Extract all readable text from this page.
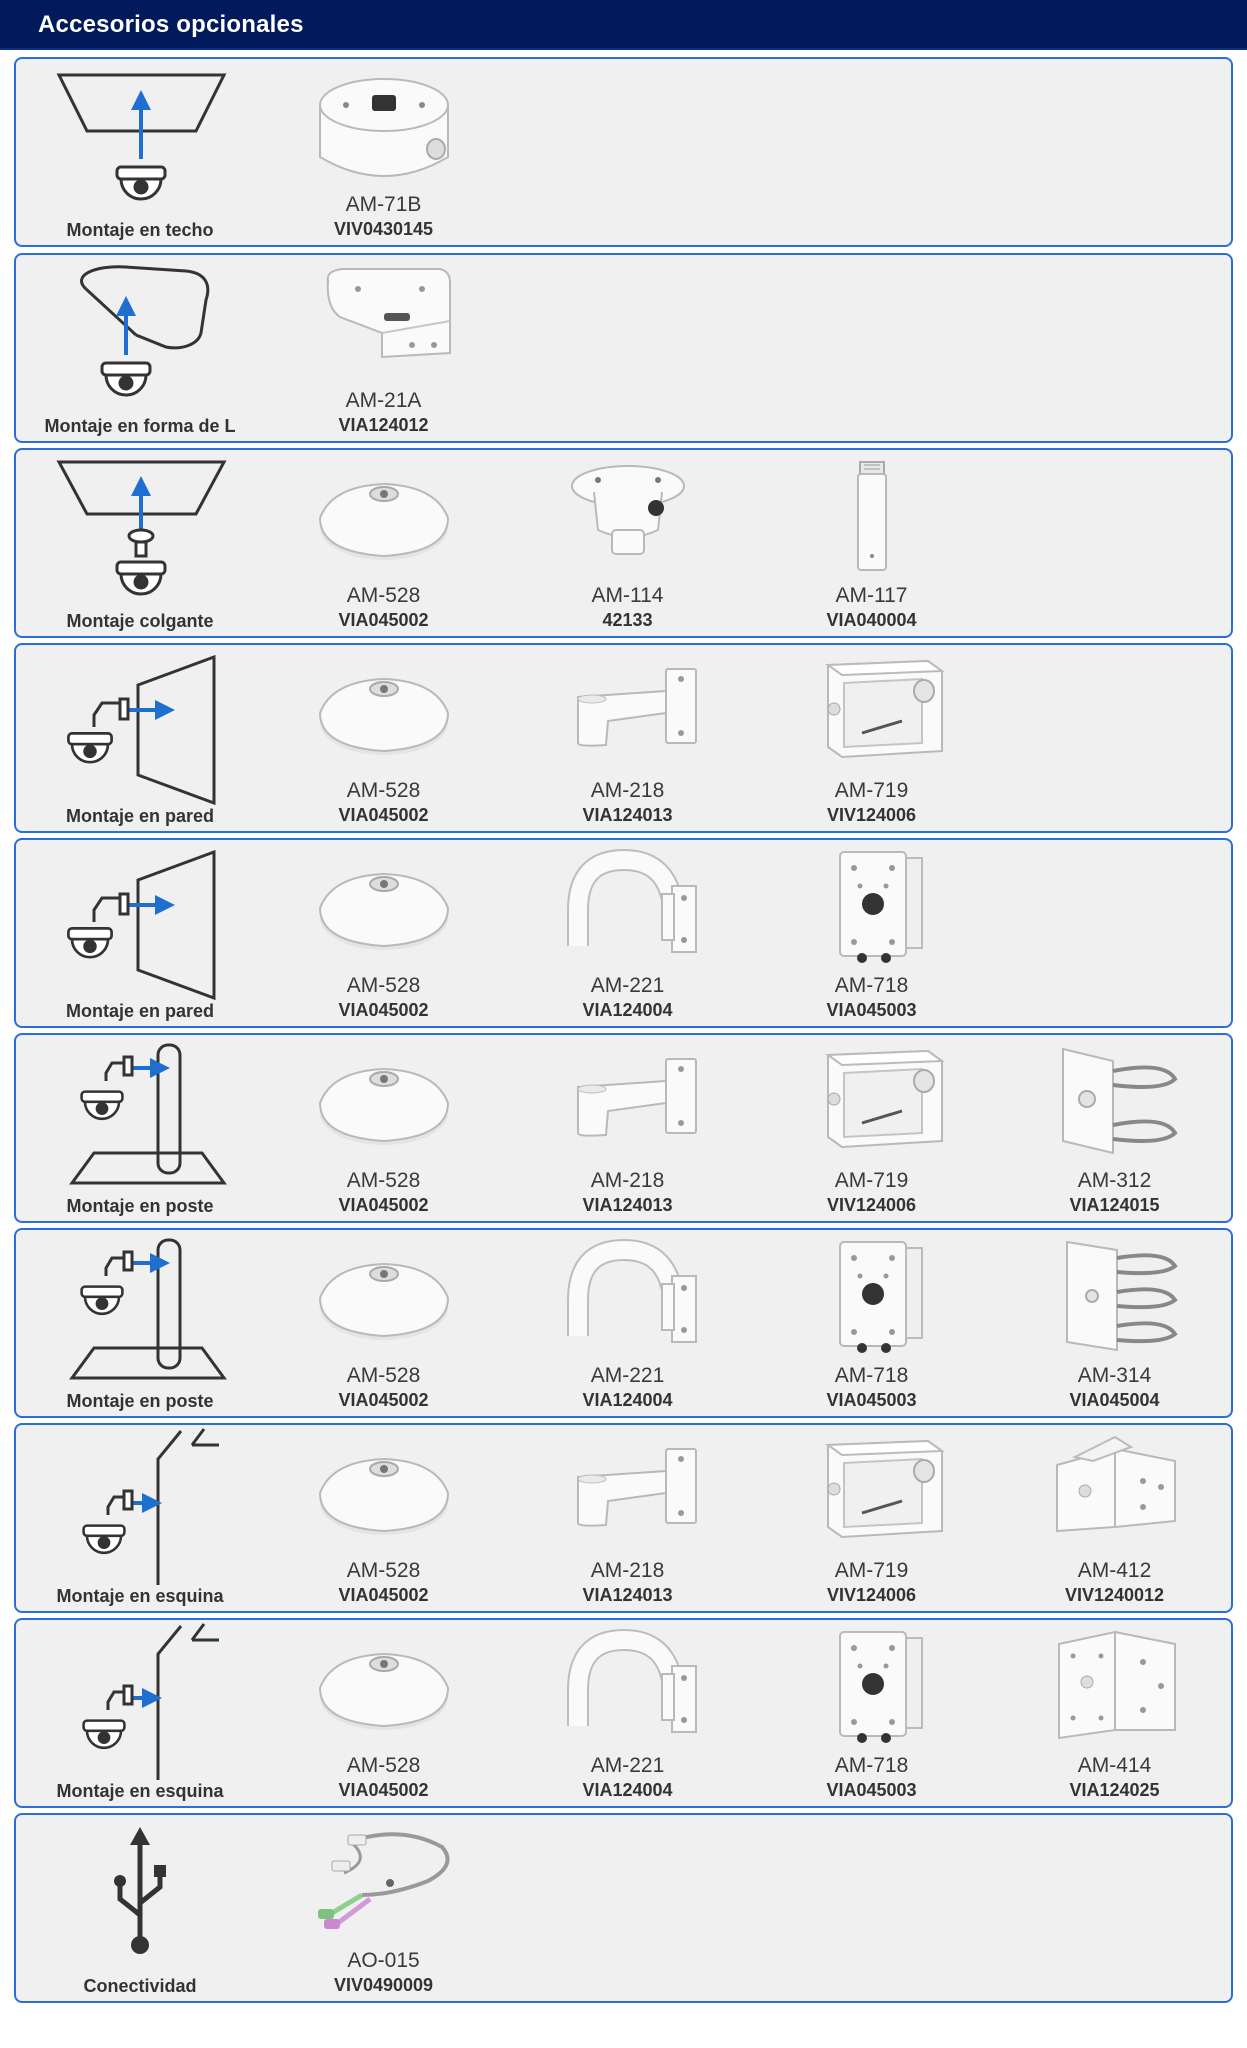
Accesorios opcionales
Montaje en techo
AM-71B
VIV0430145
Montaje en forma de L
AM-21A
VIA124012
Montaje colgante
AM-528
VIA045002
AM-114
42133
AM-117
VIA040004
Montaje en pared
AM-528
VIA045002
AM-218
VIA124013
AM-719
VIV124006
Montaje en pared
AM-528
VIA045002
AM-221
VIA124004
AM-718
VIA045003
Montaje en poste
AM-528
VIA045002
AM-218
VIA124013
AM-719
VIV124006
AM-312
VIA124015
Montaje en poste
AM-528
VIA045002
AM-221
VIA124004
AM-718
VIA045003
AM-314
VIA045004
Montaje en esquina
AM-528
VIA045002
AM-218
VIA124013
AM-719
VIV124006
AM-412
VIV1240012
Montaje en esquina
AM-528
VIA045002
AM-221
VIA124004
AM-718
VIA045003
AM-414
VIA124025
Conectividad
AO-015
VIV0490009
